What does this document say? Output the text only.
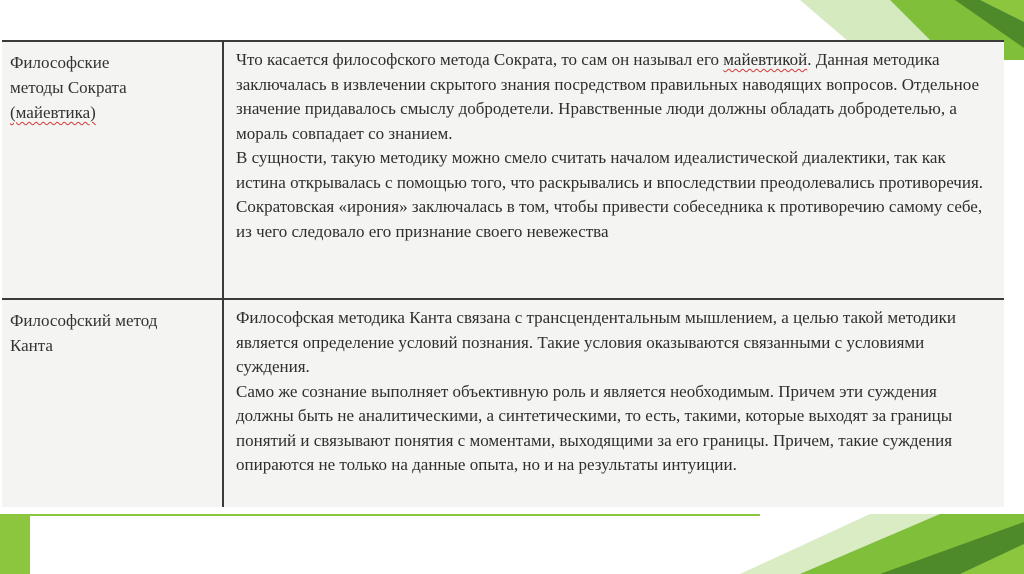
Философские
методы Сократа
(майевтика)
Что касается философского метода Сократа, то сам он называл его майевтикой. Данная методика заключалась в извлечении скрытого знания посредством правильных наводящих вопросов. Отдельное значение придавалось смыслу добродетели. Нравственные люди должны обладать добродетелью, а мораль совпадает со знанием.
В сущности, такую методику можно смело считать началом идеалистической диалектики, так как истина открывалась с помощью того, что раскрывались и впоследствии преодолевались противоречия. Сократовская «ирония» заключалась в том, чтобы привести собеседника к противоречию самому себе, из чего следовало его признание своего невежества
Философский метод
Канта
Философская методика Канта связана с трансцендентальным мышлением, а целью такой методики является определение условий познания. Такие условия оказываются связанными с условиями суждения.
Само же сознание выполняет объективную роль и является необходимым. Причем эти суждения должны быть не аналитическими, а синтетическими, то есть, такими, которые выходят за границы понятий и связывают понятия с моментами, выходящими за его границы. Причем, такие суждения опираются не только на данные опыта, но и на результаты интуиции.
